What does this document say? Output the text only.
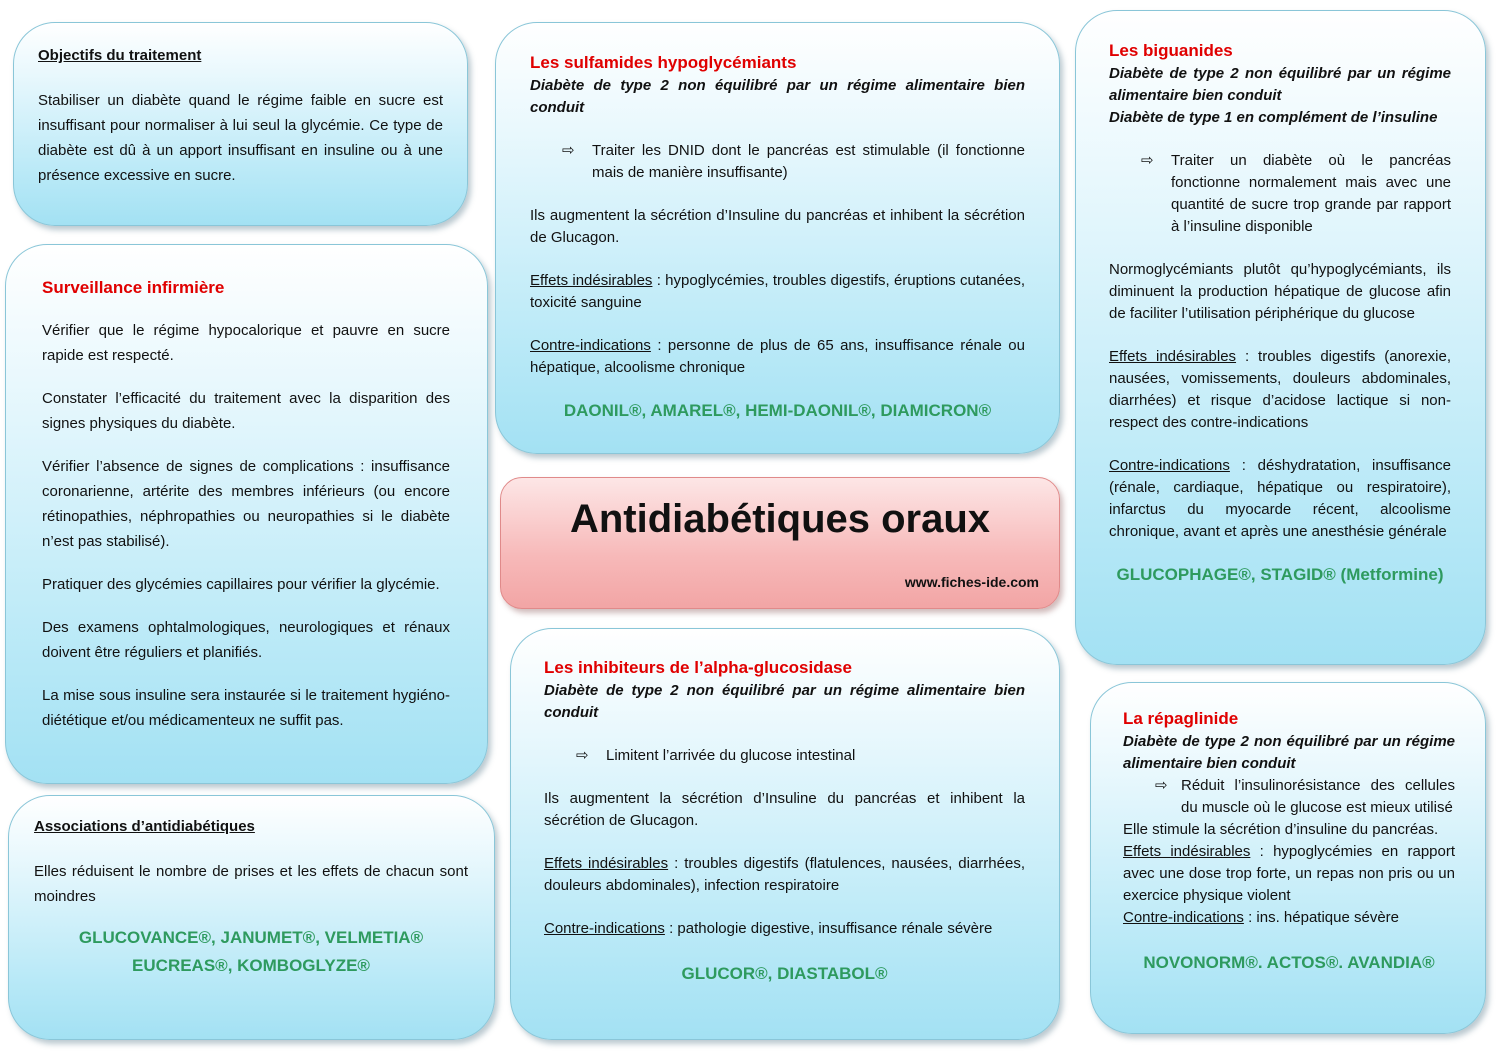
Objectifs du traitement

Stabiliser un diabète quand le régime faible en sucre est insuffisant pour normaliser à lui seul la glycémie. Ce type de diabète est dû à un apport insuffisant en insuline ou à une présence excessive en sucre.

Surveillance infirmière

Vérifier que le régime hypocalorique et pauvre en sucre rapide est respecté.

Constater l’efficacité du traitement avec la disparition des signes physiques du diabète.

Vérifier l’absence de signes de complications : insuffisance coronarienne, artérite des membres inférieurs (ou encore rétinopathies, néphropathies ou neuropathies si le diabète n’est pas stabilisé).

Pratiquer des glycémies capillaires pour vérifier la glycémie.

Des examens ophtalmologiques, neurologiques et rénaux doivent être réguliers et planifiés.

La mise sous insuline sera instaurée si le traitement hygiéno-diététique et/ou médicamenteux ne suffit pas.

Associations d’antidiabétiques

Elles réduisent le nombre de prises et les effets de chacun sont moindres

GLUCOVANCE®, JANUMET®, VELMETIA®

EUCREAS®, KOMBOGLYZE®

Les sulfamides hypoglycémiants

Diabète de type 2 non équilibré par un régime alimentaire bien conduit

⇨ Traiter les DNID dont le pancréas est stimulable (il fonctionne mais de manière insuffisante)

Ils augmentent la sécrétion d’Insuline du pancréas et inhibent la sécrétion de Glucagon.

Effets indésirables : hypoglycémies, troubles digestifs, éruptions cutanées, toxicité sanguine

Contre-indications : personne de plus de 65 ans, insuffisance rénale ou hépatique, alcoolisme chronique

DAONIL®, AMAREL®, HEMI-DAONIL®, DIAMICRON®

Antidiabétiques oraux
www.fiches-ide.com
Les inhibiteurs de l’alpha-glucosidase

Diabète de type 2 non équilibré par un régime alimentaire bien conduit

⇨ Limitent l’arrivée du glucose intestinal

Ils augmentent la sécrétion d’Insuline du pancréas et inhibent la sécrétion de Glucagon.

Effets indésirables : troubles digestifs (flatulences, nausées, diarrhées, douleurs abdominales), infection respiratoire

Contre-indications : pathologie digestive, insuffisance rénale sévère

GLUCOR®, DIASTABOL®

Les biguanides

Diabète de type 2 non équilibré par un régime alimentaire bien conduit

Diabète de type 1 en complément de l’insuline

⇨ Traiter un diabète où le pancréas fonctionne normalement mais avec une quantité de sucre trop grande par rapport à l’insuline disponible

Normoglycémiants plutôt qu’hypoglycémiants, ils diminuent la production hépatique de glucose afin de faciliter l’utilisation périphérique du glucose

Effets indésirables : troubles digestifs (anorexie, nausées, vomissements, douleurs abdominales, diarrhées) et risque d’acidose lactique si non-respect des contre-indications

Contre-indications : déshydratation, insuffisance (rénale, cardiaque, hépatique ou respiratoire), infarctus du myocarde récent, alcoolisme chronique, avant et après une anesthésie générale

GLUCOPHAGE®, STAGID® (Metformine)

La répaglinide

Diabète de type 2 non équilibré par un régime alimentaire bien conduit

⇨ Réduit l’insulinorésistance des cellules du muscle où le glucose est mieux utilisé

Elle stimule la sécrétion d’insuline du pancréas.

Effets indésirables : hypoglycémies en rapport avec une dose trop forte, un repas non pris ou un exercice physique violent

Contre-indications : ins. hépatique sévère

NOVONORM®. ACTOS®. AVANDIA®
